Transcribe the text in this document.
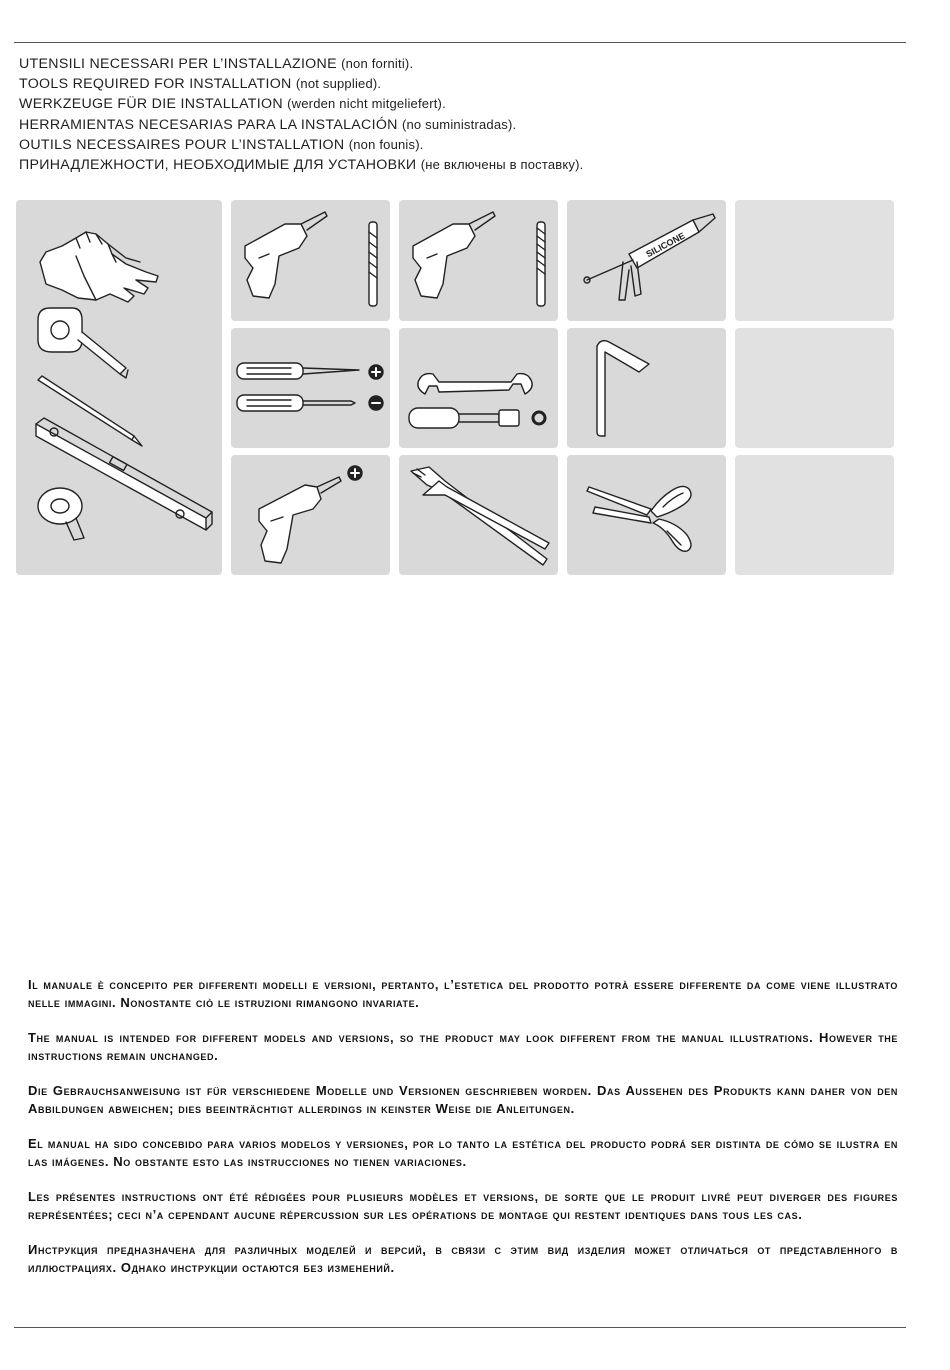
UTENSILI NECESSARI PER L’INSTALLAZIONE (non forniti).
TOOLS REQUIRED FOR INSTALLATION (not supplied).
WERKZEUGE FÜR DIE INSTALLATION (werden nicht mitgeliefert).
HERRAMIENTAS NECESARIAS PARA LA INSTALACIÓN (no suministradas).
OUTILS NECESSAIRES POUR L’INSTALLATION (non founis).
ПРИНАДЛЕЖНОСТИ, НЕОБХОДИМЫЕ ДЛЯ УСТАНОВКИ (не включены в поставку).
SILICONE

Il manuale è concepito per differenti modelli e versioni, pertanto, l’estetica del prodotto potrà essere differente da come viene illustrato nelle immagini. Nonostante ciò le istruzioni rimangono invariate.

The manual is intended for different models and versions, so the product may look different from the manual illustrations. However the instructions remain unchanged.

Die Gebrauchsanweisung ist für verschiedene Modelle und Versionen geschrieben worden. Das Aussehen des Produkts kann daher von den Abbildungen abweichen; dies beeinträchtigt allerdings in keinster Weise die Anleitungen.

El manual ha sido concebido para varios modelos y versiones, por lo tanto la estética del producto podrá ser distinta de cómo se ilustra en las imágenes. No obstante esto las instrucciones no tienen variaciones.

Les présentes instructions ont été rédigées pour plusieurs modèles et versions, de sorte que le produit livré peut diverger des figures représentées; ceci n’a cependant aucune répercussion sur les opérations de montage qui restent identiques dans tous les cas.

Инструкция предназначена для различных моделей и версий, в связи с этим вид изделия может отличаться от представленного в иллюстрациях. Однако инструкции остаются без изменений.
